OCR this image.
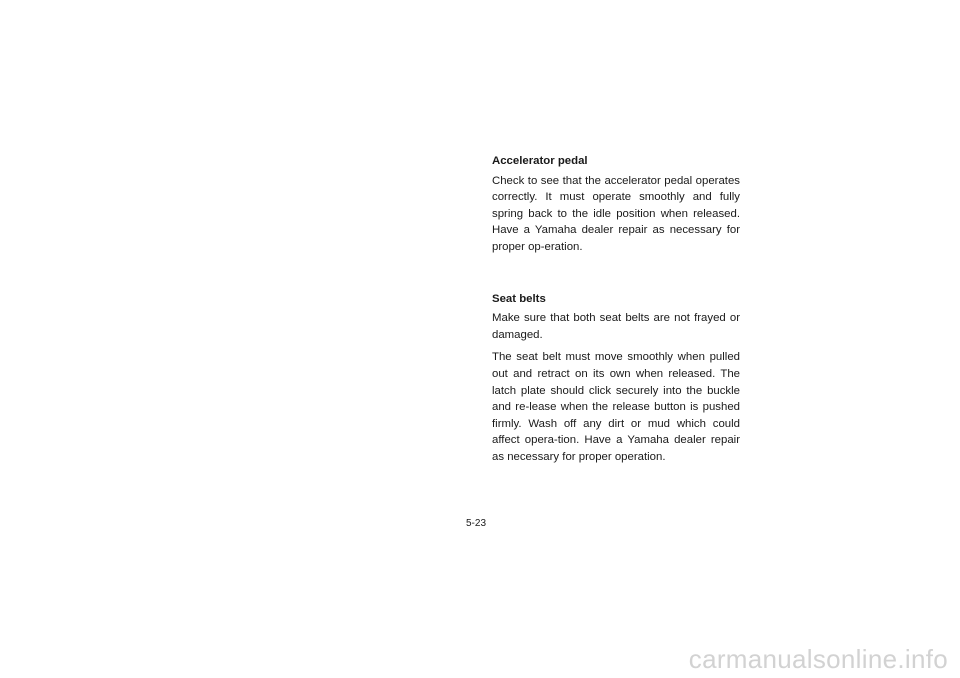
Accelerator pedal

Check to see that the accelerator pedal operates correctly. It must operate smoothly and fully spring back to the idle position when released. Have a Yamaha dealer repair as necessary for proper op-eration.

Seat belts

Make sure that both seat belts are not frayed or damaged.

The seat belt must move smoothly when pulled out and retract on its own when released. The latch plate should click securely into the buckle and re-lease when the release button is pushed firmly. Wash off any dirt or mud which could affect opera-tion. Have a Yamaha dealer repair as necessary for proper operation.

5-23
carmanualsonline.info
